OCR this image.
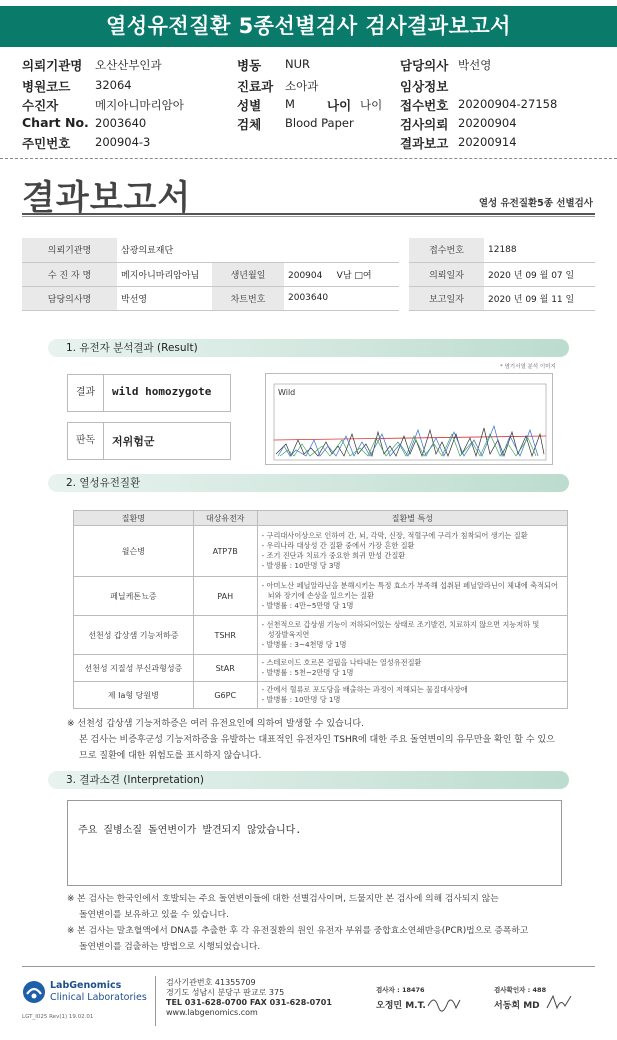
열성유전질환 5종선별검사 검사결과보고서
의뢰기관명 오산산부인과
병원코드 32064
수진자	메지아니마리암아
Chart No. 2003640
주민번호 200904-3
병동 NUR
진료과 소아과
성별 M	나이 나이
검체 Blood Paper
담당의사 박선영
임상정보
접수번호 20200904-27158
검사의뢰 20200904
결과보고 20200914
결과보고서	열성 유전질환5종 선별검사
의뢰기관명	삼광의료재단				접수번호	12188
수 진 자 명	메지아니마리암아님	생년월일	200904 V남 □여		의뢰일자	2020 년 09 월 07 일
담당의사명	박선영	차트번호	2003640		보고일자	2020 년 09 월 11 일
1. 유전자 분석결과 (Result)
* 염기서열 분석 이미지
결과	wild homozygote
판독	저위험군
Wild
2. 열성유전질환
질환명	대상유전자	질환별 특성
윌슨병	ATP7B	- 구리대사이상으로 인하여 간, 뇌, 각막, 신장, 적혈구에 구리가 침착되어 생기는 질환
- 우리나라 대상성 간 질환 중에서 가장 흔한 질환
- 조기 진단과 치료가 중요한 희귀 만성 간질환
- 발생률 : 10만명 당 3명

페닐케톤뇨증	PAH	- 아미노산 페닐알라닌을 분해시키는 특정 효소가 부족해 섭취된 페닐알라닌이 체내에 축적되어
뇌와 장기에 손상을 일으키는 질환
- 발병률 : 4만~5만명 당 1명

선천성 갑상샘 기능저하증	TSHR	- 선천적으로 갑상샘 기능이 저하되어있는 상태로 조기발견, 치료하지 않으면 지능저하 및
성장발육지연
- 발병률 : 3~4천명 당 1명

선천성 지질성 부신과형성증	StAR	- 스테로이드 호르몬 결핍을 나타내는 열성유전질환
- 발병률 : 5천~2만명 당 1명

제 Ia형 당원병	G6PC	- 간에서 혈류로 포도당을 배출하는 과정이 저해되는 물질대사장애
- 발병률 : 10만명 당 1명
※ 선천성 갑상샘 기능저하증은 여러 유전요인에 의하여 발생할 수 있습니다.
본 검사는 비증후군성 기능저하증을 유발하는 대표적인 유전자인 TSHR에 대한 주요 돌연변이의 유무만을 확인 할 수 있으
므로 질환에 대한 위험도를 표시하지 않습니다.
3. 결과소견 (Interpretation)
주요 질병소질 돌연변이가 발견되지 않았습니다.
※ 본 검사는 한국인에서 호발되는 주요 돌연변이들에 대한 선별검사이며, 드물지만 본 검사에 의해 검사되지 않는
돌연변이를 보유하고 있을 수 있습니다.
※ 본 검사는 말초혈액에서 DNA를 추출한 후 각 유전질환의 원인 유전자 부위를 중합효소연쇄반응(PCR)법으로 증폭하고
돌연변이를 검출하는 방법으로 시행되었습니다.
LabGenomics
Clinical Laboratories
LGT_I025 Rev(1) 19.02.01
검사기관번호 41355709
경기도 성남시 분당구 판교로 375
TEL 031-628-0700 FAX 031-628-0701
www.labgenomics.com
검사자 : 18476
오정민 M.T.
검사확인자 : 488
서동희 MD
